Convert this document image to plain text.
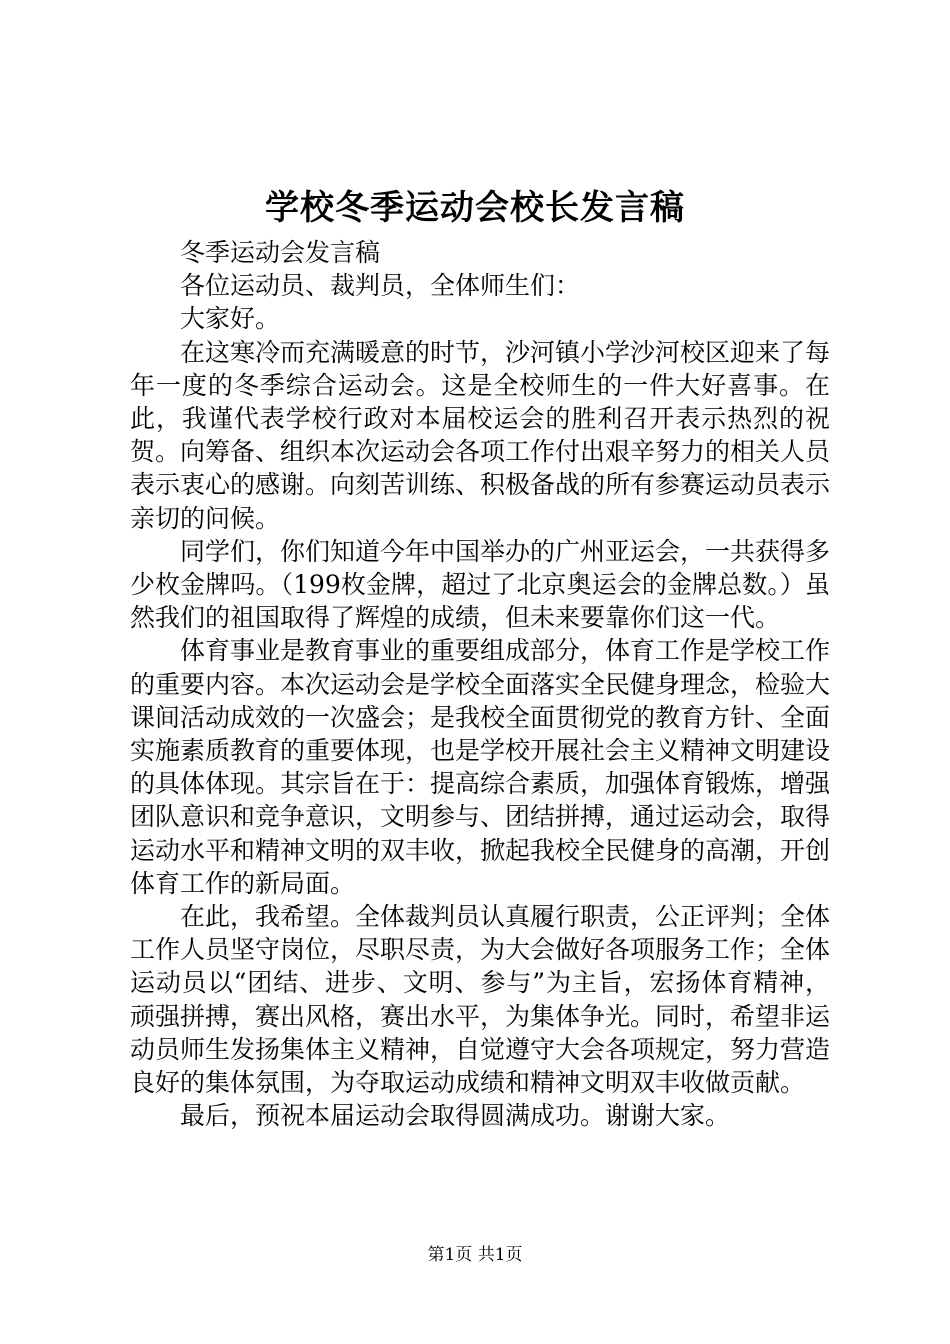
学校冬季运动会校长发言稿

冬季运动会发言稿

各位运动员、裁判员，全体师生们：

大家好。

在这寒冷而充满暖意的时节，沙河镇小学沙河校区迎来了每年一度的冬季综合运动会。这是全校师生的一件大好喜事。在此，我谨代表学校行政对本届校运会的胜利召开表示热烈的祝贺。向筹备、组织本次运动会各项工作付出艰辛努力的相关人员表示衷心的感谢。向刻苦训练、积极备战的所有参赛运动员表示亲切的问候。

同学们，你们知道今年中国举办的广州亚运会，一共获得多少枚金牌吗。（199枚金牌，超过了北京奥运会的金牌总数。）虽然我们的祖国取得了辉煌的成绩，但未来要靠你们这一代。

体育事业是教育事业的重要组成部分，体育工作是学校工作的重要内容。本次运动会是学校全面落实全民健身理念，检验大课间活动成效的一次盛会；是我校全面贯彻党的教育方针、全面实施素质教育的重要体现，也是学校开展社会主义精神文明建设的具体体现。其宗旨在于：提高综合素质，加强体育锻炼，增强团队意识和竞争意识，文明参与、团结拼搏，通过运动会，取得运动水平和精神文明的双丰收，掀起我校全民健身的高潮，开创体育工作的新局面。

在此，我希望。全体裁判员认真履行职责，公正评判；全体工作人员坚守岗位，尽职尽责，为大会做好各项服务工作；全体运动员以“团结、进步、文明、参与”为主旨，宏扬体育精神，顽强拼搏，赛出风格，赛出水平，为集体争光。同时，希望非运动员师生发扬集体主义精神，自觉遵守大会各项规定，努力营造良好的集体氛围，为夺取运动成绩和精神文明双丰收做贡献。

最后，预祝本届运动会取得圆满成功。谢谢大家。

第1页 共1页
